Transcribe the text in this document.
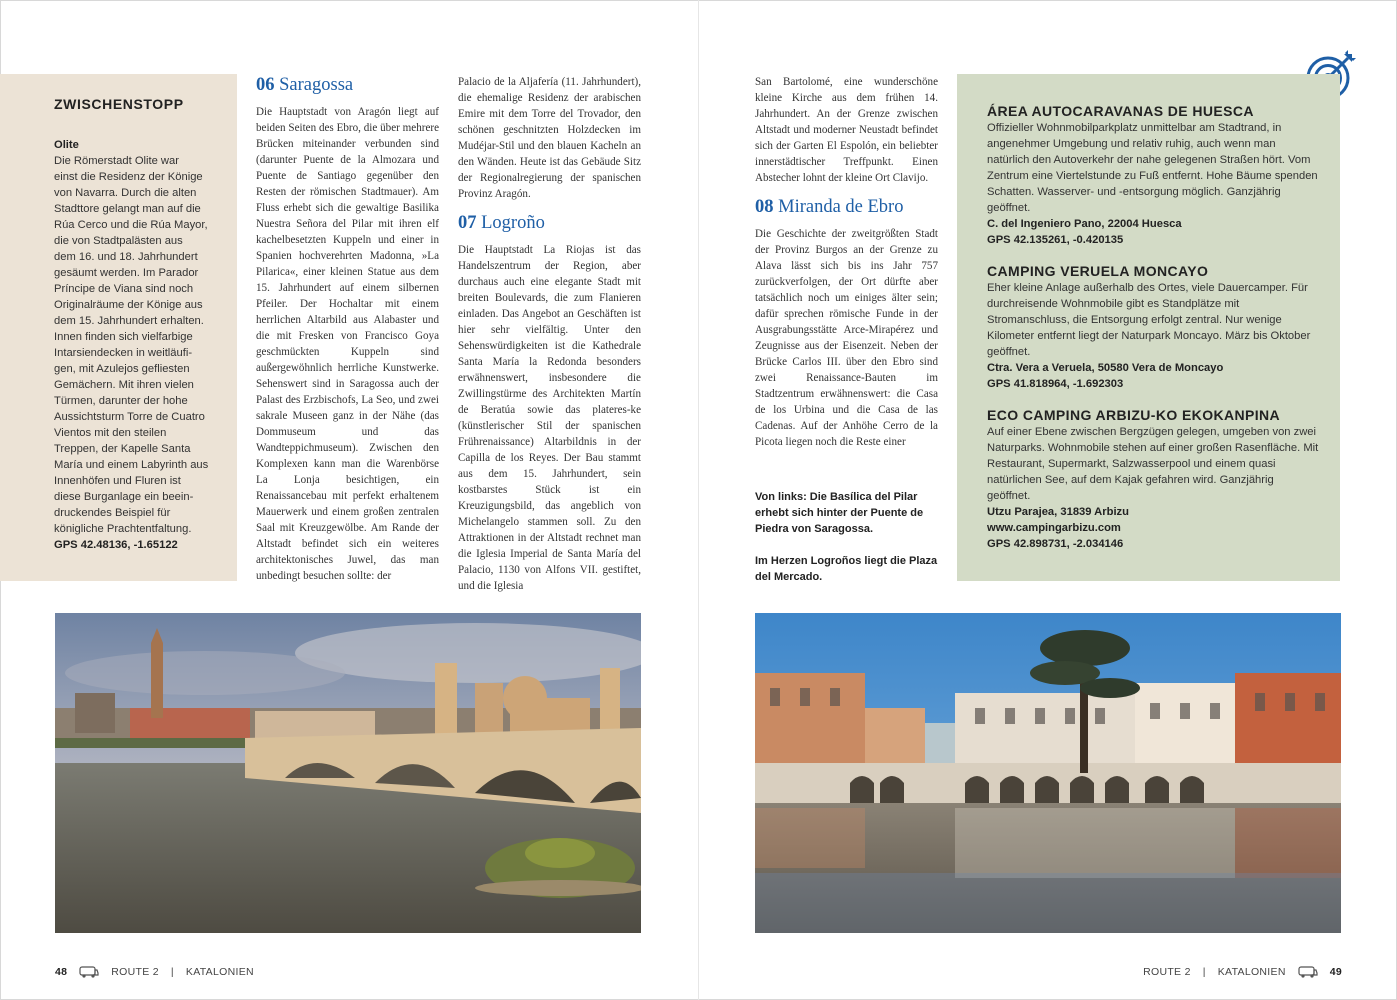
ZWISCHENSTOPP
Olite
Die Römerstadt Olite war
einst die Residenz der Könige
von Navarra. Durch die alten
Stadttore gelangt man auf die
Rúa Cerco und die Rúa Mayor,
die von Stadtpalästen aus
dem 16. und 18. Jahrhundert
gesäumt werden. Im Parador
Príncipe de Viana sind noch
Originalräume der Könige aus
dem 15. Jahrhundert erhalten.
Innen finden sich vielfarbige
Intarsiendecken in weitläufi-
gen, mit Azulejos gefliesten
Gemächern. Mit ihren vielen
Türmen, darunter der hohe
Aussichtsturm Torre de Cuatro
Vientos mit den steilen
Treppen, der Kapelle Santa
María und einem Labyrinth aus
Innenhöfen und Fluren ist
diese Burganlage ein beein-
druckendes Beispiel für
königliche Prachtentfaltung.
GPS 42.48136, -1.65122
06 Saragossa

Die Hauptstadt von Aragón liegt auf beiden Seiten des Ebro, die über mehrere Brücken miteinander verbunden sind (darunter Puente de la Almozara und Puente de Santiago gegenüber den Resten der römischen Stadtmauer). Am Fluss erhebt sich die gewaltige Basilika Nuestra Señora del Pilar mit ihren elf kachelbesetzten Kuppeln und einer in Spanien hochverehrten Madonna, »La Pilarica«, einer kleinen Statue aus dem 15. Jahrhundert auf einem silbernen Pfeiler. Der Hochaltar mit einem herrlichen Altarbild aus Alabaster und die mit Fresken von Francisco Goya geschmückten Kuppeln sind außergewöhnlich herrliche Kunstwerke. Sehenswert sind in Saragossa auch der Palast des Erzbischofs, La Seo, und zwei sakrale Museen ganz in der Nähe (das Dommuseum und das Wandteppichmuseum). Zwischen den Komplexen kann man die Warenbörse La Lonja besichtigen, ein Renaissancebau mit perfekt erhaltenem Mauerwerk und einem großen zentralen Saal mit Kreuzgewölbe. Am Rande der Altstadt befindet sich ein weiteres architektonisches Juwel, das man unbedingt besuchen sollte: der

Palacio de la Aljafería (11. Jahrhundert), die ehemalige Residenz der arabischen Emire mit dem Torre del Trovador, den schönen geschnitzten Holzdecken im Mudéjar-Stil und den blauen Kacheln an den Wänden. Heute ist das Gebäude Sitz der Regionalregierung der spanischen Provinz Aragón.

07 Logroño

Die Hauptstadt La Riojas ist das Handelszentrum der Region, aber durchaus auch eine elegante Stadt mit breiten Boulevards, die zum Flanieren einladen. Das Angebot an Geschäften ist hier sehr vielfältig. Unter den Sehenswürdigkeiten ist die Kathedrale Santa María la Redonda besonders erwähnenswert, insbesondere die Zwillingstürme des Architekten Martín de Beratúa sowie das plateres-ke (künstlerischer Stil der spanischen Frührenaissance) Altarbildnis in der Capilla de los Reyes. Der Bau stammt aus dem 15. Jahrhundert, sein kostbarstes Stück ist ein Kreuzigungsbild, das angeblich von Michelangelo stammen soll. Zu den Attraktionen in der Altstadt rechnet man die Iglesia Imperial de Santa María del Palacio, 1130 von Alfons VII. gestiftet, und die Iglesia

San Bartolomé, eine wunderschöne kleine Kirche aus dem frühen 14. Jahrhundert. An der Grenze zwischen Altstadt und moderner Neustadt befindet sich der Garten El Espolón, ein beliebter innerstädtischer Treffpunkt. Einen Abstecher lohnt der kleine Ort Clavijo.

08 Miranda de Ebro

Die Geschichte der zweitgrößten Stadt der Provinz Burgos an der Grenze zu Alava lässt sich bis ins Jahr 757 zurückverfolgen, der Ort dürfte aber tatsächlich noch um einiges älter sein; dafür sprechen römische Funde in der Ausgrabungsstätte Arce-Mirapérez und Zeugnisse aus der Eisenzeit. Neben der Brücke Carlos III. über den Ebro sind zwei Renaissance-Bauten im Stadtzentrum erwähnenswert: die Casa de los Urbina und die Casa de las Cadenas. Auf der Anhöhe Cerro de la Picota liegen noch die Reste einer

Von links: Die Basílica del Pilar erhebt sich hinter der Puente de Piedra von Saragossa.

Im Herzen Logroños liegt die Plaza del Mercado.

ÁREA AUTOCARAVANAS DE HUESCA
Offizieller Wohnmobilparkplatz unmittelbar am Stadtrand, in angenehmer Umgebung und relativ ruhig, auch wenn man natürlich den Autoverkehr der nahe gelegenen Straßen hört. Vom Zentrum eine Viertelstunde zu Fuß entfernt. Hohe Bäume spenden Schatten. Wasserver- und -entsorgung möglich. Ganzjährig geöffnet.
C. del Ingeniero Pano, 22004 Huesca
GPS 42.135261, -0.420135
CAMPING VERUELA MONCAYO
Eher kleine Anlage außerhalb des Ortes, viele Dauercamper. Für durchreisende Wohnmobile gibt es Standplätze mit Stromanschluss, die Entsorgung erfolgt zentral. Nur wenige Kilometer entfernt liegt der Naturpark Moncayo. März bis Oktober geöffnet.
Ctra. Vera a Veruela, 50580 Vera de Moncayo
GPS 41.818964, -1.692303
ECO CAMPING ARBIZU-KO EKOKANPINA
Auf einer Ebene zwischen Bergzügen gelegen, umgeben von zwei Naturparks. Wohnmobile stehen auf einer großen Rasenfläche. Mit Restaurant, Supermarkt, Salzwasserpool und einem quasi natürlichen See, auf dem Kajak gefahren wird. Ganzjährig geöffnet.
Utzu Parajea, 31839 Arbizu
www.campingarbizu.com
GPS 42.898731, -2.034146
48	ROUTE 2 | KATALONIEN	ROUTE 2 | KATALONIEN	49
